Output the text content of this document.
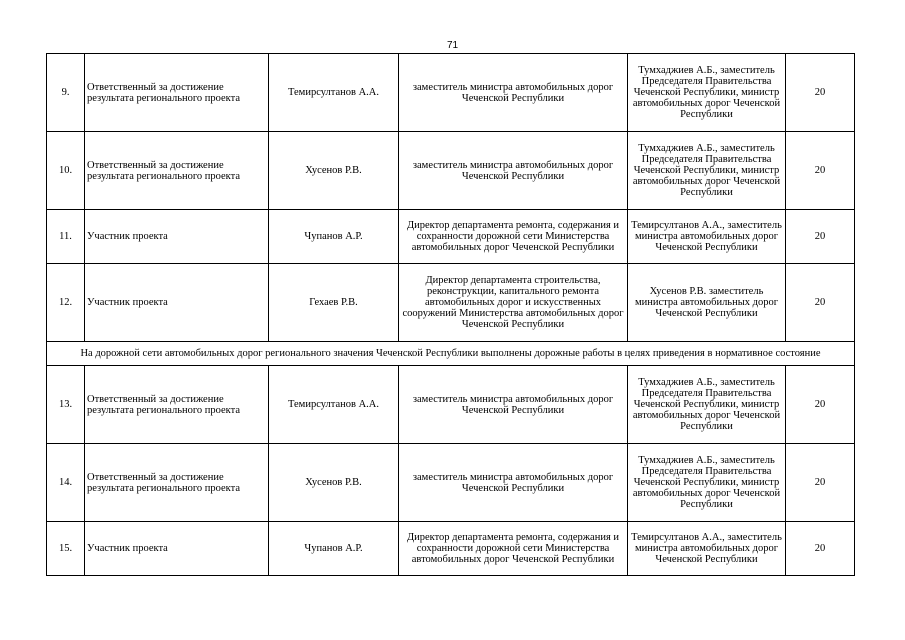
71
9.	Ответственный за достижение результата регионального проекта	Темирсултанов А.А.	заместитель министра автомобильных дорог Чеченской Республики	Тумхаджиев А.Б., заместитель Председателя Правительства Чеченской Республики, министр автомобильных дорог Чеченской Республики	20
10.	Ответственный за достижение результата регионального проекта	Хусенов Р.В.	заместитель министра автомобильных дорог Чеченской Республики	Тумхаджиев А.Б., заместитель Председателя Правительства Чеченской Республики, министр автомобильных дорог Чеченской Республики	20
11.	Участник проекта	Чупанов А.Р.	Директор департамента ремонта, содержания и сохранности дорожной сети Министерства автомобильных дорог Чеченской Республики	Темирсултанов А.А., заместитель министра автомобильных дорог Чеченской Республики	20
12.	Участник проекта	Гехаев Р.В.	Директор департамента строительства, реконструкции, капитального ремонта автомобильных дорог и искусственных сооружений Министерства автомобильных дорог Чеченской Республики	Хусенов Р.В. заместитель министра автомобильных дорог Чеченской Республики	20
На дорожной сети автомобильных дорог регионального значения Чеченской Республики выполнены дорожные работы в целях приведения в нормативное состояние					
13.	Ответственный за достижение результата регионального проекта	Темирсултанов А.А.	заместитель министра автомобильных дорог Чеченской Республики	Тумхаджиев А.Б., заместитель Председателя Правительства Чеченской Республики, министр автомобильных дорог Чеченской Республики	20
14.	Ответственный за достижение результата регионального проекта	Хусенов Р.В.	заместитель министра автомобильных дорог Чеченской Республики	Тумхаджиев А.Б., заместитель Председателя Правительства Чеченской Республики, министр автомобильных дорог Чеченской Республики	20
15.	Участник проекта	Чупанов А.Р.	Директор департамента ремонта, содержания и сохранности дорожной сети Министерства автомобильных дорог Чеченской Республики	Темирсултанов А.А., заместитель министра автомобильных дорог Чеченской Республики	20
